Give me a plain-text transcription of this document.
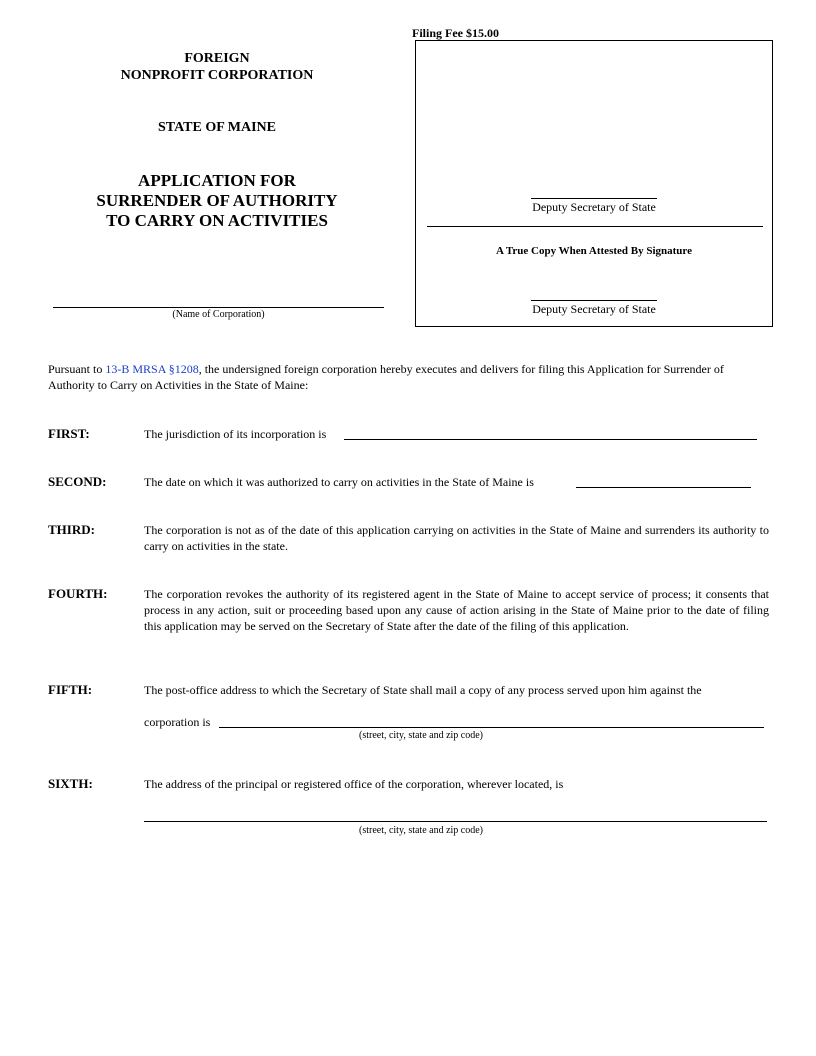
FOREIGN
NONPROFIT CORPORATION
STATE OF MAINE
APPLICATION FOR
SURRENDER OF AUTHORITY
TO CARRY ON ACTIVITIES
Filing Fee $15.00
Deputy Secretary of State
A True Copy When Attested By Signature
Deputy Secretary of State
(Name of Corporation)
Pursuant to 13-B MRSA §1208, the undersigned foreign corporation hereby executes and delivers for filing this Application for Surrender of Authority to Carry on Activities in the State of Maine:
FIRST:	The jurisdiction of its incorporation is
SECOND:	The date on which it was authorized to carry on activities in the State of Maine is
THIRD:	The corporation is not as of the date of this application carrying on activities in the State of Maine and surrenders its authority to carry on activities in the state.
FOURTH:	The corporation revokes the authority of its registered agent in the State of Maine to accept service of process; it consents that process in any action, suit or proceeding based upon any cause of action arising in the State of Maine prior to the date of filing this application may be served on the Secretary of State after the date of the filing of this application.
FIFTH:	The post-office address to which the Secretary of State shall mail a copy of any process served upon him against the
corporation is
(street, city, state and zip code)
SIXTH:	The address of the principal or registered office of the corporation, wherever located, is
(street, city, state and zip code)
